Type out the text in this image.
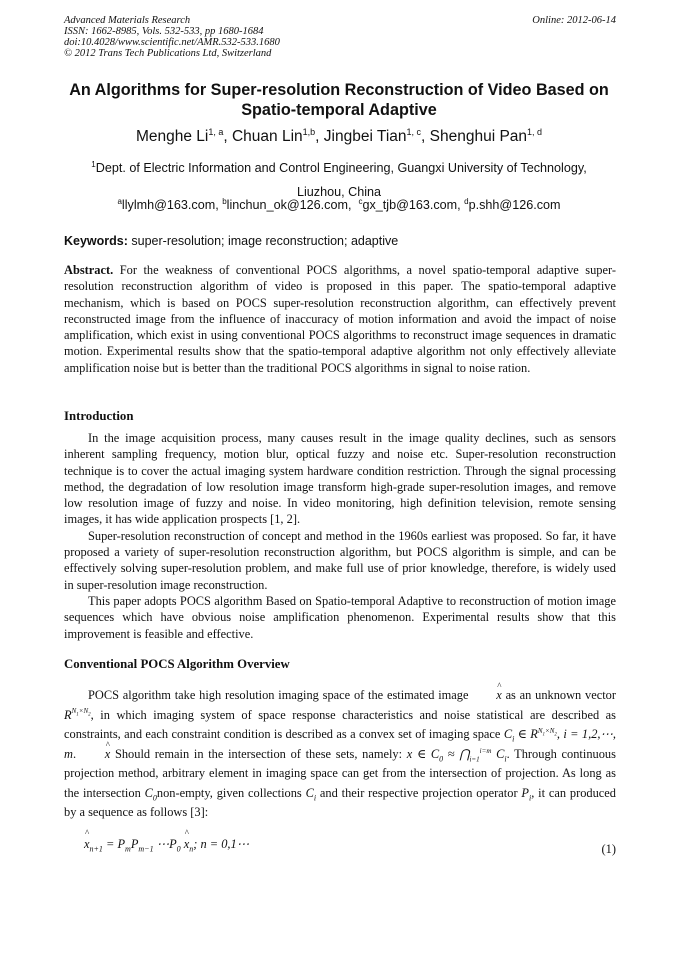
Advanced Materials Research
ISSN: 1662-8985, Vols. 532-533, pp 1680-1684
doi:10.4028/www.scientific.net/AMR.532-533.1680
© 2012 Trans Tech Publications Ltd, Switzerland
Online: 2012-06-14
An Algorithms for Super-resolution Reconstruction of Video Based on
Spatio-temporal Adaptive
Menghe Li$^{1, a}$, Chuan Lin$^{1,b}$, Jingbei Tian$^{1, c}$, Shenghui Pan$^{1, d}$
$^1$Dept. of Electric Information and Control Engineering, Guangxi University of Technology,
Liuzhou, China
$^a$llylmh@163.com, $^b$linchun_ok@126.com,  $^c$gx_tjb@163.com, $^d$p.shh@126.com
Keywords: super-resolution; image reconstruction; adaptive

Abstract. For the weakness of conventional POCS algorithms, a novel spatio-temporal adaptive super-resolution reconstruction algorithm of video is proposed in this paper. The spatio-temporal adaptive mechanism, which is based on POCS super-resolution reconstruction algorithm, can effectively prevent reconstructed image from the influence of inaccuracy of motion information and avoid the impact of noise amplification, which exist in using conventional POCS algorithms to reconstruct image sequences in dramatic motion. Experimental results show that the spatio-temporal adaptive algorithm not only effectively alleviate amplification noise but is better than the traditional POCS algorithms in signal to noise ration.

Introduction

In the image acquisition process, many causes result in the image quality declines, such as sensors inherent sampling frequency, motion blur, optical fuzzy and noise etc. Super-resolution reconstruction technique is to cover the actual imaging system hardware condition restriction. Through the signal processing method, the degradation of low resolution image transform high-grade super-resolution images, and remove low resolution image of fuzzy and noise. In video monitoring, high definition television, remote sensing images, it has wide application prospects [1, 2].

Super-resolution reconstruction of concept and method in the 1960s earliest was proposed. So far, it have proposed a variety of super-resolution reconstruction algorithm, but POCS algorithm is simple, and can be effectively solving super-resolution problem, and make full use of prior knowledge, therefore, is widely used in super-resolution image reconstruction.

This paper adopts POCS algorithm Based on Spatio-temporal Adaptive to reconstruction of motion image sequences which have obvious noise amplification phenomenon. Experimental results show that this improvement is feasible and effective.

Conventional POCS Algorithm Overview

POCS algorithm take high resolution imaging space of the estimated image ^ x as an unknown vector $R^{N_1\times N_2}$, in which imaging system of space response characteristics and noise statistical are described as constraints, and each constraint condition is described as a convex set of imaging space $C_i$ ∈ $R^{N_1\times N_2}$, i = 1,2,⋯, m. ^ x Should remain in the intersection of these sets, namely: x ∈ $C_0$ ≈ $⋂_{i=1}^{i=m}$ $C_i$. Through continuous projection method, arbitrary element in imaging space can get from the intersection of projection. As long as the intersection $C_0non$-empty, given collections $C_i$ and their respective projection operator $P_i$, it can produced by a sequence as follows [3]:

^ $x_{n+1} = P_mP_{m-1}$ $\cdots P_0$ ^ $x_n$; n = 0,1⋯	(1)
